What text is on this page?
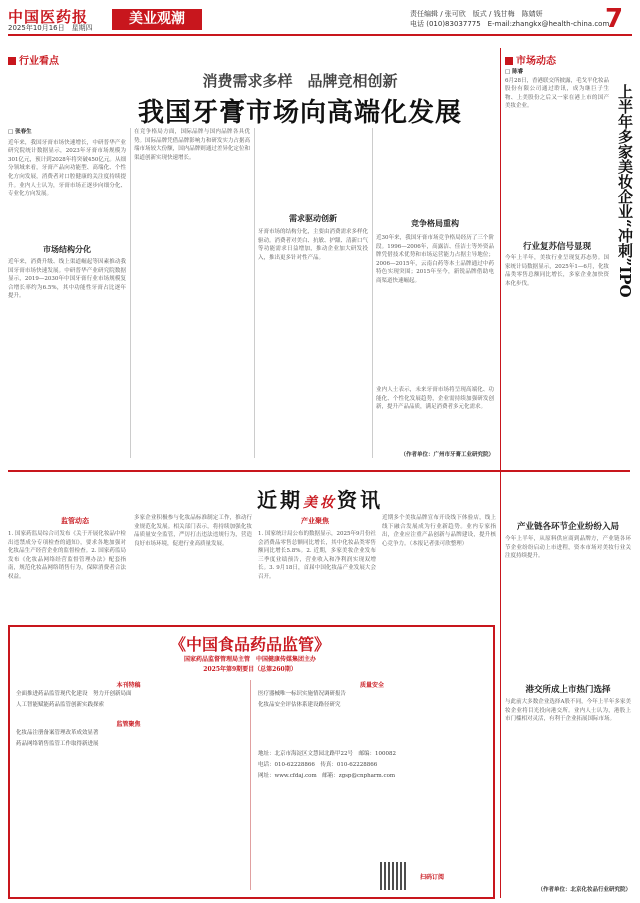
中国医药报
2025年10月16日　星期四
美业观潮	责任编辑 / 张可欣　版式 / 钱甘梅　陈婧妍
电话 (010)83037775　E-mail:zhangkx@health-china.com
7
行业看点	市场动态
消费需求多样　品牌竞相创新
我国牙膏市场向高端化发展
□ 张春生
近年来，我国牙膏市场快速增长，中研普华产业研究院统计数据显示，2023年牙膏市场规模为301亿元，预计到2028年将突破450亿元。从细分领域来看，牙膏产品向功能型、高端化、个性化方向发展，消费者对口腔健康的关注度持续提升。业内人士认为，牙膏市场正逐步向细分化、专业化方向发展。
市场结构分化
近年来，消费升级、线上渠道崛起等因素推动我国牙膏市场快速发展。中研普华产业研究院数据显示，2019—2030年中国牙膏行业市场规模复合增长率约为6.5%，其中功能性牙膏占比逐年提升。
在竞争格局方面，国际品牌与国内品牌各具优势。国际品牌凭借品牌影响力和研发实力占据高端市场较大份额，国内品牌则通过差异化定位和渠道创新实现快速增长。
需求驱动创新
牙膏市场的结构分化，主要由消费需求多样化驱动。消费者对美白、抗敏、护龈、清新口气等功能需求日益增加，推动企业加大研发投入，推出更多针对性产品。
竞争格局重构
近30年来，我国牙膏市场竞争格局经历了三个阶段。1996—2006年，高露洁、佳洁士等外资品牌凭借技术优势和市场运营能力占据主导地位；2006—2015年，云南白药等本土品牌通过中药特色实现突围；2015年至今，新锐品牌借助电商渠道快速崛起。
业内人士表示，未来牙膏市场将呈现高端化、功能化、个性化发展趋势，企业需持续加强研发创新，提升产品品质，满足消费者多元化需求。
（作者单位：广州市牙膏工业研究院）
□ 陈睿
6月28日，香港联交所披露，毛戈平化妆品股份有限公司通过聆讯，成为继巨子生物、上美股份之后又一家在港上市的国产美妆企业。	上半年多家美妆企业“冲刺”IPO
行业复苏信号显现
今年上半年，美妆行业呈现复苏态势。国家统计局数据显示，2025年1—6月，化妆品类零售总额同比增长，多家企业加快资本化步伐。
产业链各环节企业纷纷入局
今年上半年，从原料供应商到品牌方，产业链各环节企业纷纷启动上市进程，资本市场对美妆行业关注度持续提升。
港交所成上市热门选择
与此前大多数企业选择A股不同，今年上半年多家美妆企业将目光投向港交所。业内人士认为，港股上市门槛相对灵活，有利于企业拓展国际市场。
（作者单位：北京化妆品行业研究院）
近期美妆资讯
监管动态
1. 国家药监局综合司发布《关于开展化妆品中检出违禁成分专项检查的通知》，要求各地加强对化妆品生产经营企业的监督检查。2. 国家药监局发布《化妆品网络经营监督管理办法》配套指南，规范化妆品网络销售行为，保障消费者合法权益。
多家企业积极参与化妆品标准制定工作，推动行业规范化发展。相关部门表示，将持续加强化妆品质量安全监管，严厉打击违法违规行为，营造良好市场环境，促进行业高质量发展。
产业聚焦
1. 国家统计局公布的数据显示，2025年9月份社会消费品零售总额同比增长，其中化妆品类零售额同比增长5.8%。2. 近期，多家美妆企业发布三季度业绩预告，营业收入和净利润实现双增长。3. 9月18日，首届中国化妆品产业发展大会召开。
近期多个美妆品牌宣布开设线下体验店，线上线下融合发展成为行业新趋势。业内专家指出，企业应注重产品创新与品牌建设，提升核心竞争力。（本报记者张可欣整理）
《中国食品药品监管》
国家药品监督管理局主管　中国健康传媒集团主办
2025年第9期要目（总第260期）
本刊特稿
全面推进药品监管现代化建设　努力开创新局面
人工智能赋能药品监管创新实践探索
监管聚焦
化妆品注册备案管理改革成效显著
药品网络销售监管工作取得新进展
质量安全
医疗器械唯一标识实施情况调研报告
化妆品安全评估体系建设路径研究
地址：北京市海淀区文慧园北路甲22号　邮编：100082
电话：010-62228866　传真：010-62228866
网址：www.cfdaj.com　邮箱：zgsp@cnpharm.com
扫码订阅
